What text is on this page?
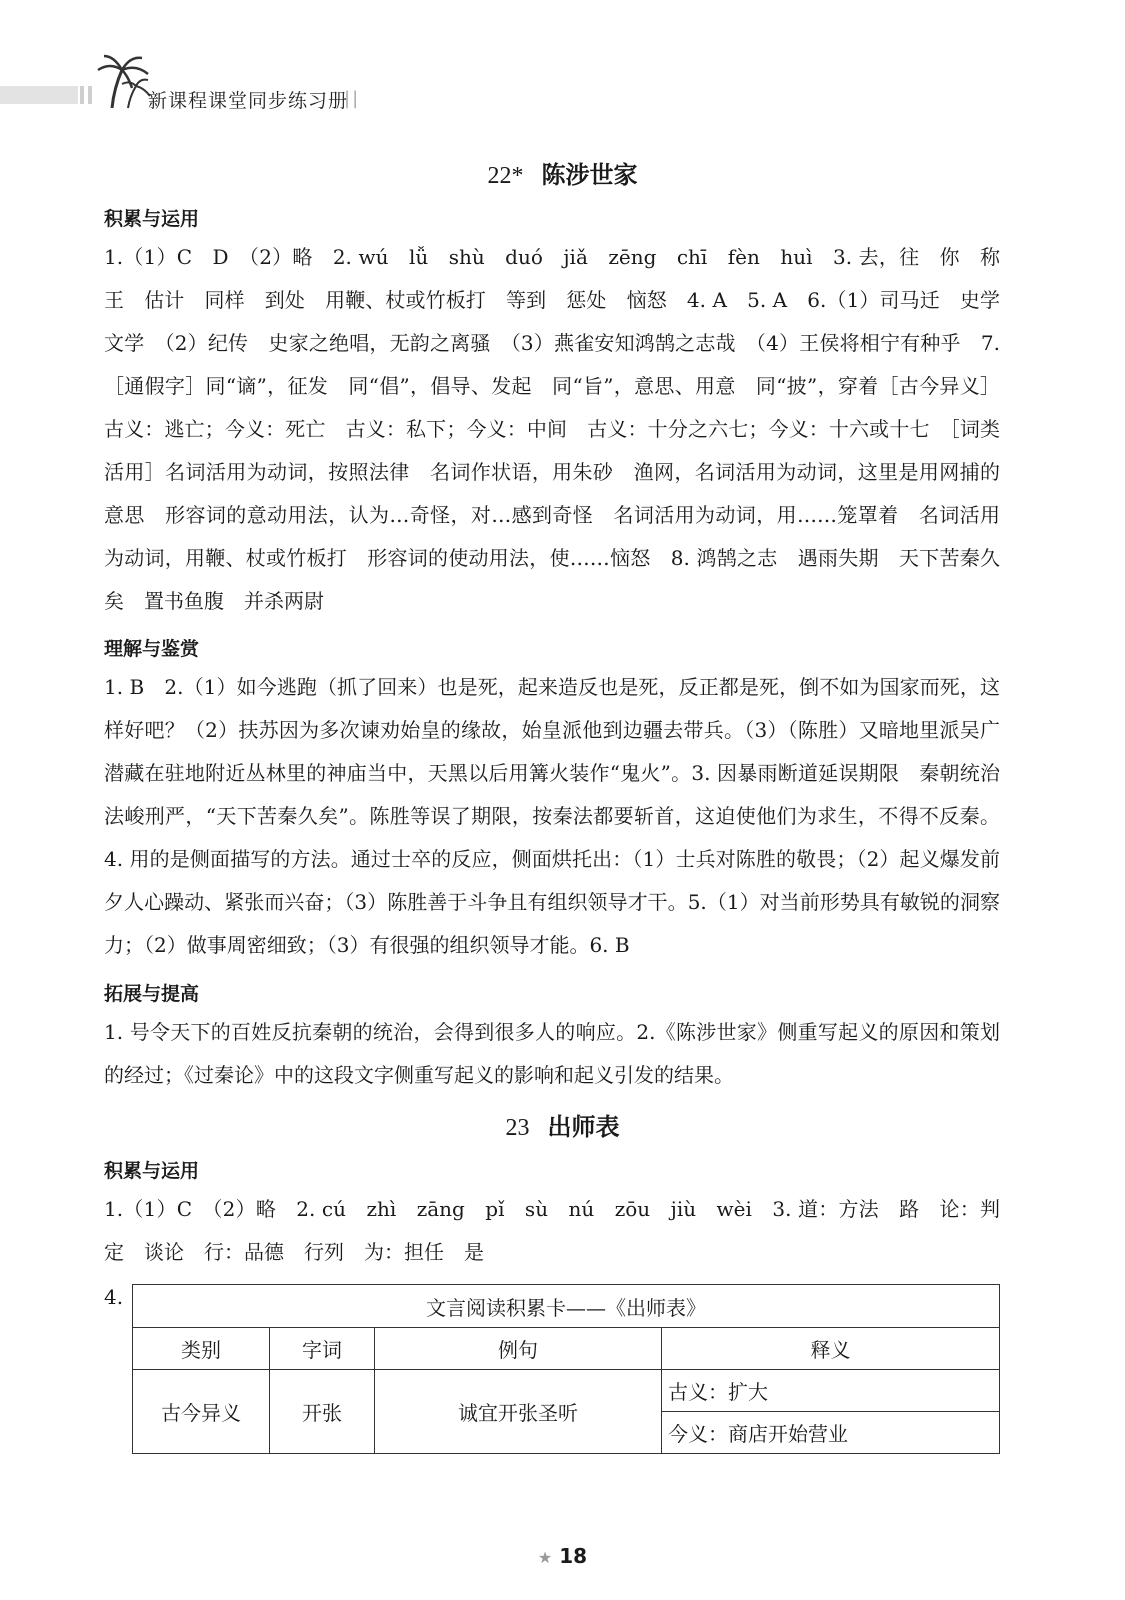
新课程课堂同步练习册
||
22* 陈涉世家
积累与运用
1.（1）C　D　（2）略　2. wú　lǚ　shù　duó　jiǎ　zēng　chī　fèn　huì　3. 去，往　你　称王　估计　同样　到处　用鞭、杖或竹板打　等到　惩处　恼怒　4. A　5. A　6.（1）司马迁　史学　文学　（2）纪传　史家之绝唱，无韵之离骚　（3）燕雀安知鸿鹄之志哉　（4）王侯将相宁有种乎　7.［通假字］同“谪”，征发　同“倡”，倡导、发起　同“旨”，意思、用意　同“披”，穿着［古今异义］古义：逃亡；今义：死亡　古义：私下；今义：中间　古义：十分之六七；今义：十六或十七　［词类活用］名词活用为动词，按照法律　名词作状语，用朱砂　渔网，名词活用为动词，这里是用网捕的意思　形容词的意动用法，认为…奇怪，对…感到奇怪　名词活用为动词，用……笼罩着　名词活用为动词，用鞭、杖或竹板打　形容词的使动用法，使……恼怒　8. 鸿鹄之志　遇雨失期　天下苦秦久矣　置书鱼腹　并杀两尉
理解与鉴赏
1. B　2.（1）如今逃跑（抓了回来）也是死，起来造反也是死，反正都是死，倒不如为国家而死，这样好吧？（2）扶苏因为多次谏劝始皇的缘故，始皇派他到边疆去带兵。（3）（陈胜）又暗地里派吴广潜藏在驻地附近丛林里的神庙当中，天黑以后用篝火装作“鬼火”。3. 因暴雨断道延误期限　秦朝统治法峻刑严，“天下苦秦久矣”。陈胜等误了期限，按秦法都要斩首，这迫使他们为求生，不得不反秦。4. 用的是侧面描写的方法。通过士卒的反应，侧面烘托出：（1）士兵对陈胜的敬畏；（2）起义爆发前夕人心躁动、紧张而兴奋；（3）陈胜善于斗争且有组织领导才干。5.（1）对当前形势具有敏锐的洞察力；（2）做事周密细致；（3）有很强的组织领导才能。6. B
拓展与提高
1. 号令天下的百姓反抗秦朝的统治，会得到很多人的响应。2.《陈涉世家》侧重写起义的原因和策划的经过；《过秦论》中的这段文字侧重写起义的影响和起义引发的结果。
23 出师表
积累与运用
1.（1）C　（2）略　2. cú　zhì　zāng　pǐ　sù　nú　zōu　jiù　wèi　3. 道：方法　路　论：判定　谈论　行：品德　行列　为：担任　是
4.	文言阅读积累卡——《出师表》			
类别	字词	例句	释义
古今异义	开张	诚宜开张圣听	古义：扩大
			今义：商店开始营业
★ 18
